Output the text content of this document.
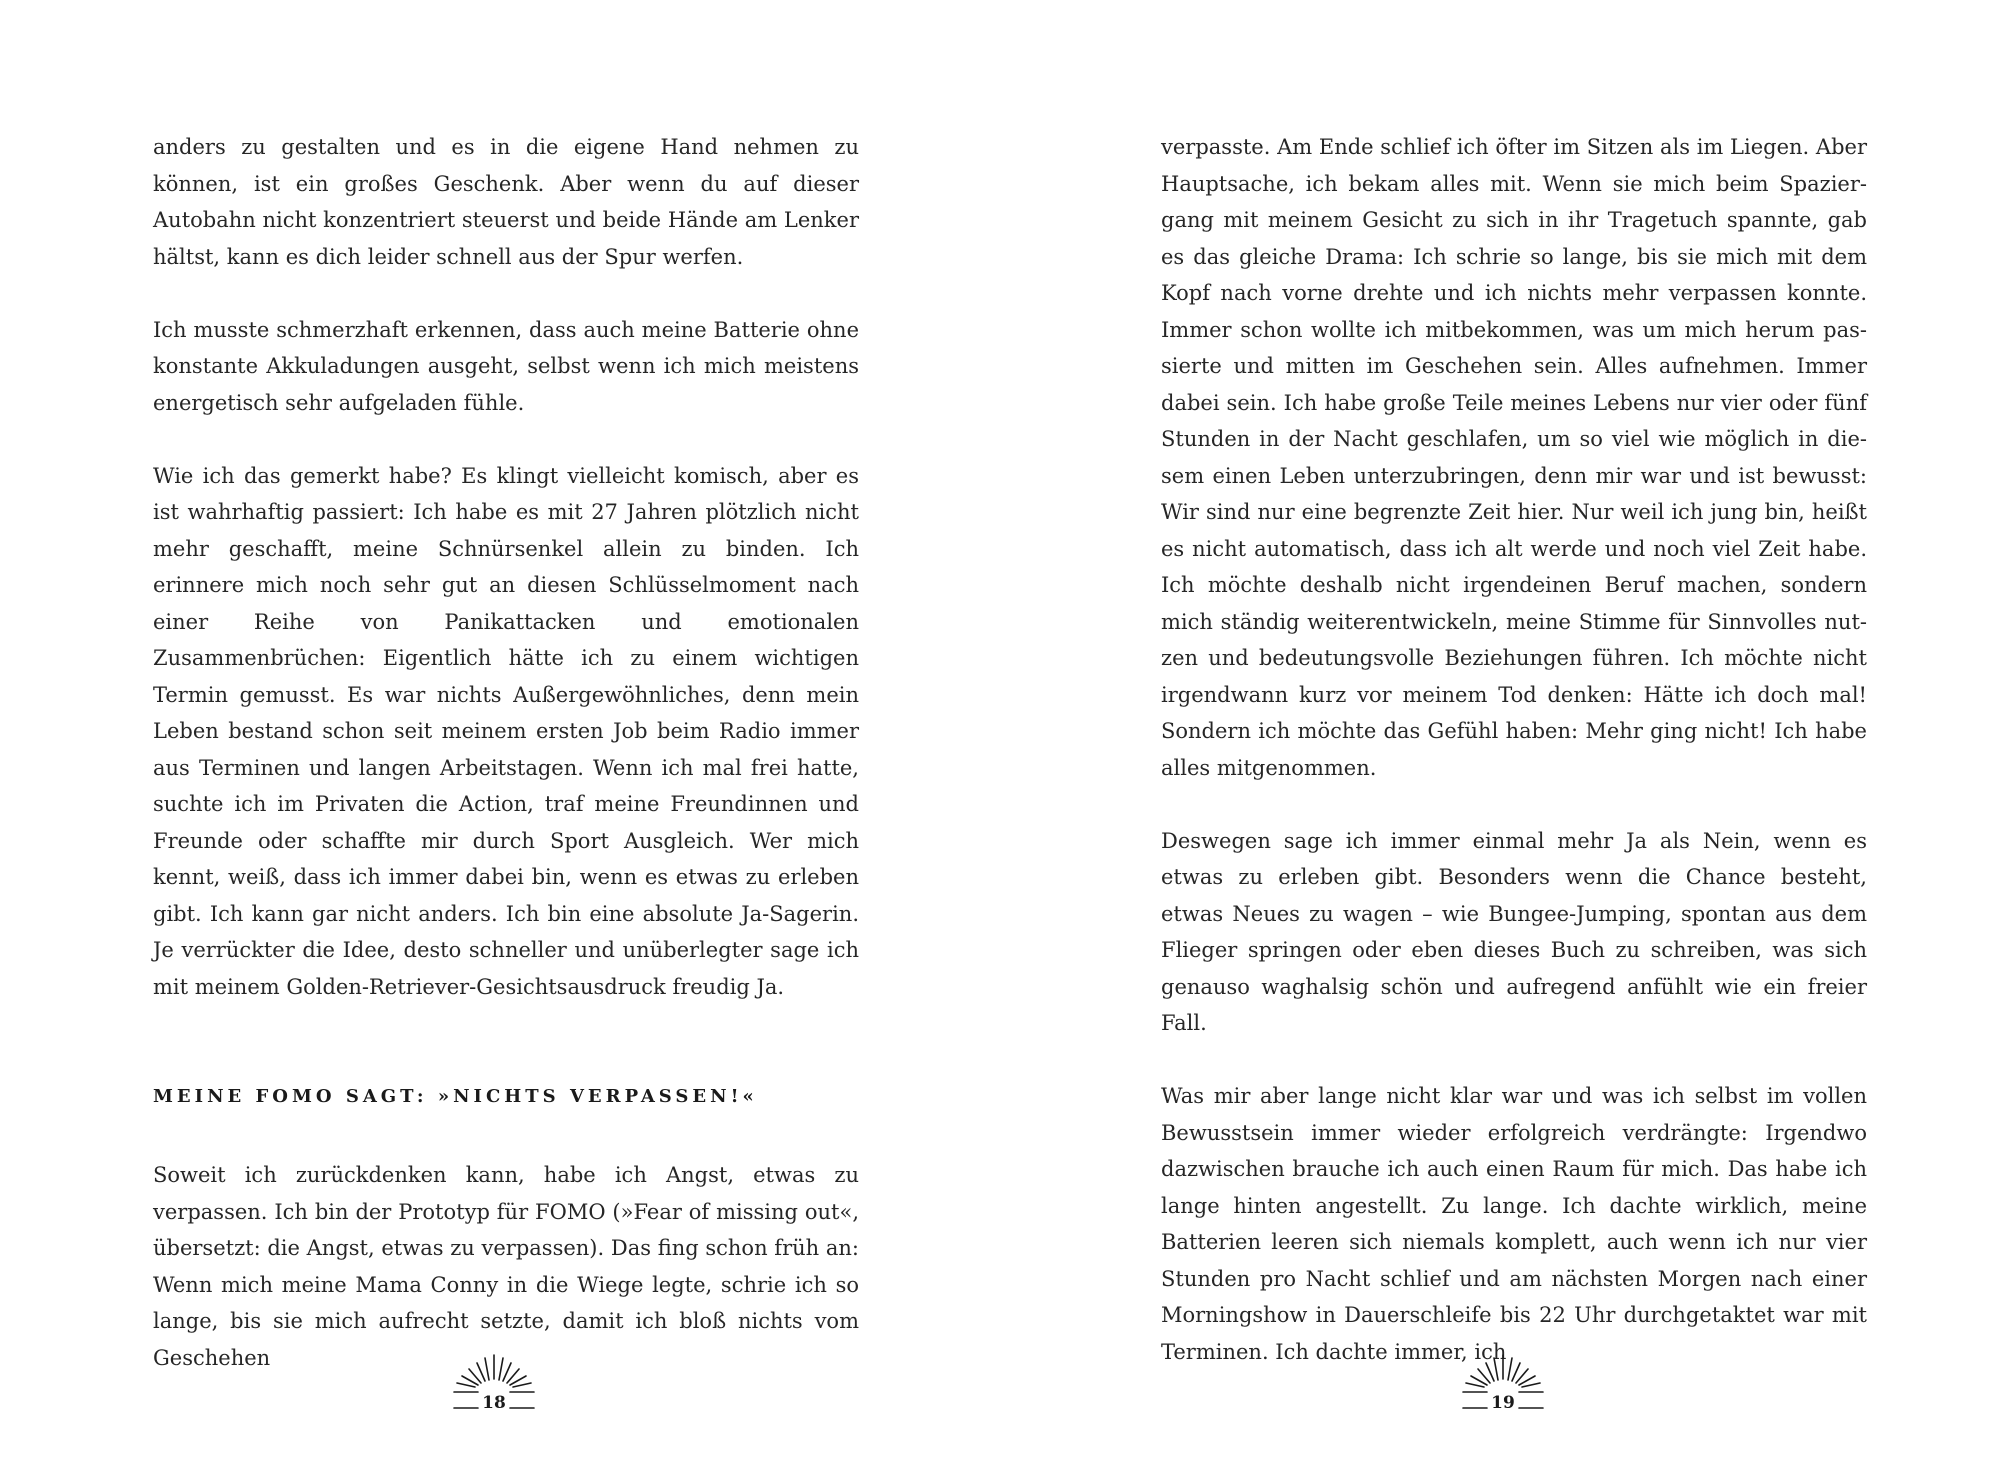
anders zu gestalten und es in die eigene Hand nehmen zu können, ist ein großes Geschenk. Aber wenn du auf dieser Autobahn nicht konzentriert steuerst und beide Hände am Lenker hältst, kann es dich leider schnell aus der Spur werfen.

Ich musste schmerzhaft erkennen, dass auch meine Batterie ohne konstante Akkuladungen ausgeht, selbst wenn ich mich meistens energetisch sehr aufgeladen fühle.

Wie ich das gemerkt habe? Es klingt vielleicht komisch, aber es ist wahrhaftig passiert: Ich habe es mit 27 Jahren plötzlich nicht mehr geschafft, meine Schnürsenkel allein zu binden. Ich erinnere mich noch sehr gut an diesen Schlüsselmoment nach einer Reihe von Panikattacken und emotionalen Zusammenbrüchen: Eigentlich hätte ich zu einem wichtigen Termin gemusst. Es war nichts Außergewöhnliches, denn mein Leben bestand schon seit meinem ersten Job beim Radio immer aus Terminen und langen Arbeitstagen. Wenn ich mal frei hatte, suchte ich im Privaten die Action, traf meine Freundinnen und Freunde oder schaffte mir durch Sport Ausgleich. Wer mich kennt, weiß, dass ich immer dabei bin, wenn es etwas zu erleben gibt. Ich kann gar nicht anders. Ich bin eine absolute Ja-Sagerin. Je verrückter die Idee, desto schneller und unüberlegter sage ich mit meinem Golden-Retriever-Gesichtsausdruck freudig Ja.

MEINE FOMO SAGT: »NICHTS VERPASSEN!«

Soweit ich zurückdenken kann, habe ich Angst, etwas zu verpassen. Ich bin der Prototyp für FOMO (»Fear of missing out«, übersetzt: die Angst, etwas zu verpassen). Das fing schon früh an: Wenn mich meine Mama Conny in die Wiege legte, schrie ich so lange, bis sie mich aufrecht setzte, damit ich bloß nichts vom Geschehen

verpasste. Am Ende schlief ich öfter im Sitzen als im Liegen. Aber Hauptsache, ich bekam alles mit. Wenn sie mich beim Spaziergang mit meinem Gesicht zu sich in ihr Tragetuch spannte, gab es das gleiche Drama: Ich schrie so lange, bis sie mich mit dem Kopf nach vorne drehte und ich nichts mehr verpassen konnte. Immer schon wollte ich mitbekommen, was um mich herum passierte und mitten im Geschehen sein. Alles aufnehmen. Immer dabei sein. Ich habe große Teile meines Lebens nur vier oder fünf Stunden in der Nacht geschlafen, um so viel wie möglich in diesem einen Leben unterzubringen, denn mir war und ist bewusst: Wir sind nur eine begrenzte Zeit hier. Nur weil ich jung bin, heißt es nicht automatisch, dass ich alt werde und noch viel Zeit habe. Ich möchte deshalb nicht irgendeinen Beruf machen, sondern mich ständig weiterentwickeln, meine Stimme für Sinnvolles nutzen und bedeutungsvolle Beziehungen führen. Ich möchte nicht irgendwann kurz vor meinem Tod denken: Hätte ich doch mal! Sondern ich möchte das Gefühl haben: Mehr ging nicht! Ich habe alles mitgenommen.

Deswegen sage ich immer einmal mehr Ja als Nein, wenn es etwas zu erleben gibt. Besonders wenn die Chance besteht, etwas Neues zu wagen – wie Bungee-Jumping, spontan aus dem Flieger springen oder eben dieses Buch zu schreiben, was sich genauso waghalsig schön und aufregend anfühlt wie ein freier Fall.

Was mir aber lange nicht klar war und was ich selbst im vollen Bewusstsein immer wieder erfolgreich verdrängte: Irgendwo dazwischen brauche ich auch einen Raum für mich. Das habe ich lange hinten angestellt. Zu lange. Ich dachte wirklich, meine Batterien leeren sich niemals komplett, auch wenn ich nur vier Stunden pro Nacht schlief und am nächsten Morgen nach einer Morningshow in Dauerschleife bis 22 Uhr durchgetaktet war mit Terminen. Ich dachte immer, ich

18	19
